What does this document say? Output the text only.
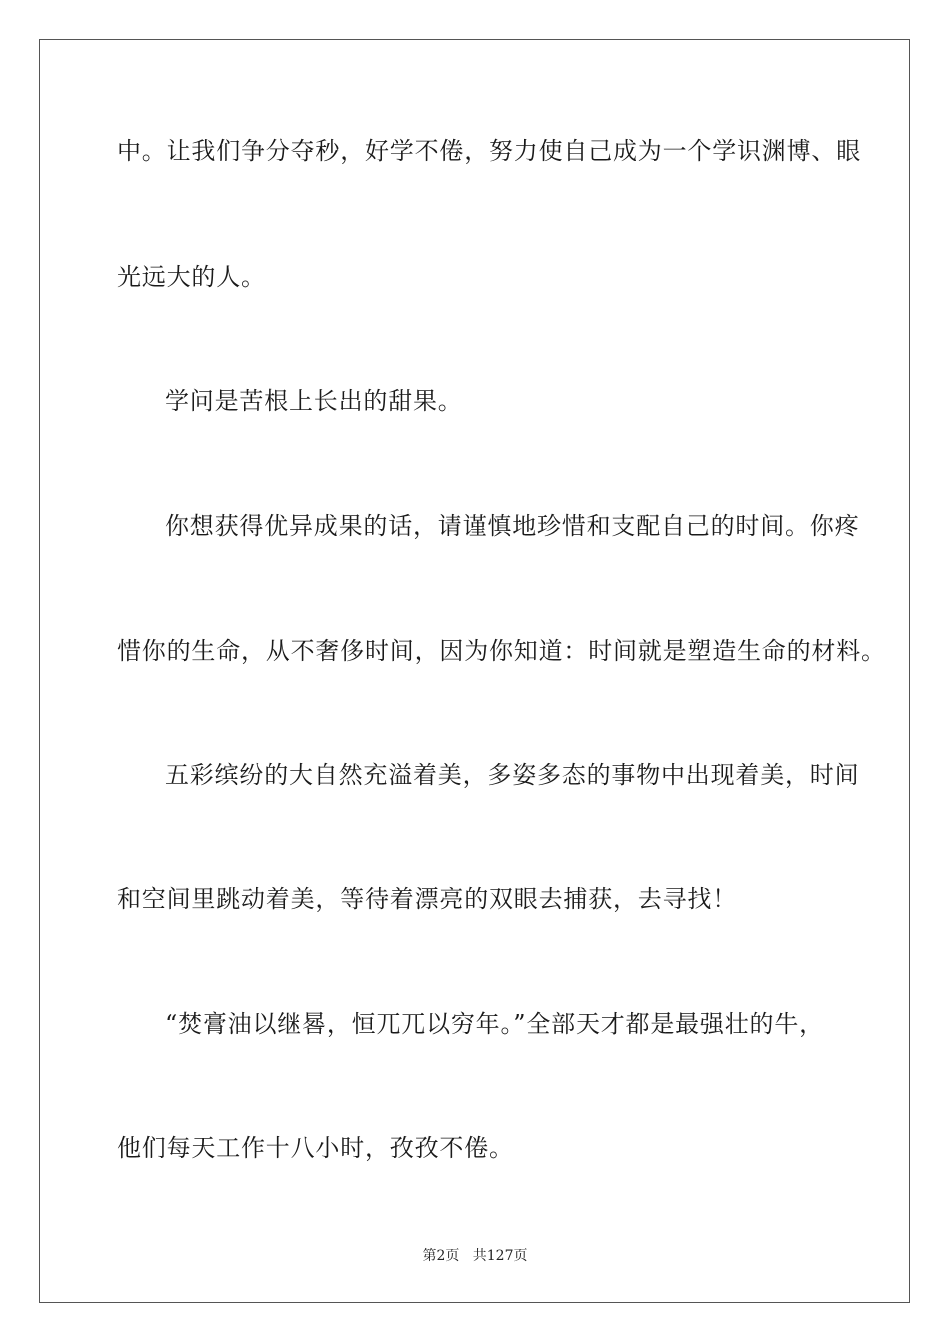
中。让我们争分夺秒，好学不倦，努力使自己成为一个学识渊博、眼
光远大的人。
学问是苦根上长出的甜果。
你想获得优异成果的话，请谨慎地珍惜和支配自己的时间。你疼
惜你的生命，从不奢侈时间，因为你知道：时间就是塑造生命的材料。
五彩缤纷的大自然充溢着美，多姿多态的事物中出现着美，时间
和空间里跳动着美，等待着漂亮的双眼去捕获，去寻找！
“焚膏油以继晷，恒兀兀以穷年。”全部天才都是最强壮的牛，
他们每天工作十八小时，孜孜不倦。
第2页 共127页
